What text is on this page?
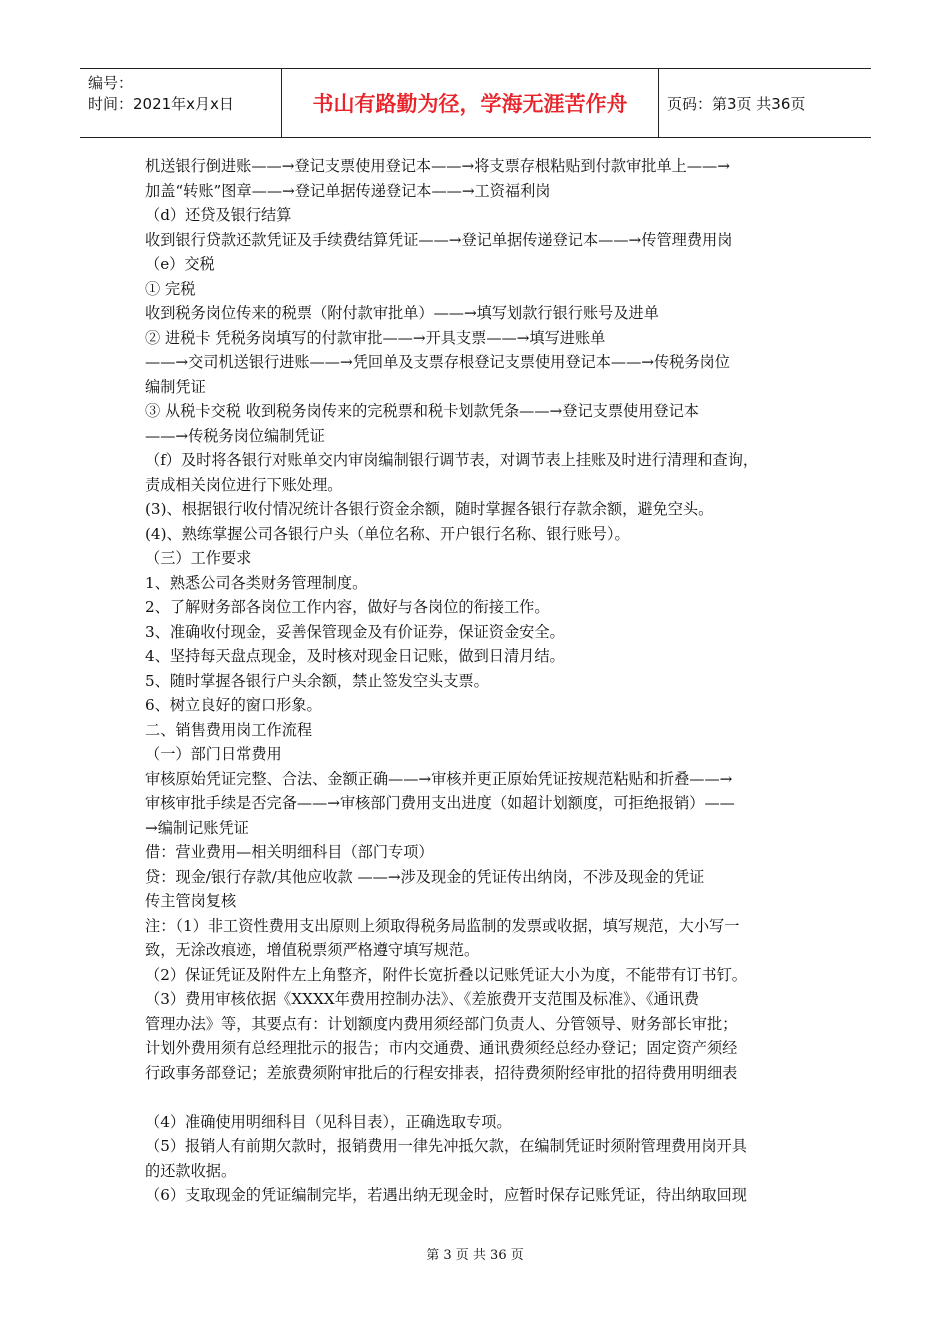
编号：
时间：2021年x月x日	书山有路勤为径，学海无涯苦作舟	页码：第3页 共36页

机送银行倒进账——→登记支票使用登记本——→将支票存根粘贴到付款审批单上——→

加盖“转账”图章——→登记单据传递登记本——→工资福利岗

（d）还贷及银行结算

收到银行贷款还款凭证及手续费结算凭证——→登记单据传递登记本——→传管理费用岗

（e）交税

① 完税

收到税务岗位传来的税票（附付款审批单）——→填写划款行银行账号及进单

② 进税卡 凭税务岗填写的付款审批——→开具支票——→填写进账单

——→交司机送银行进账——→凭回单及支票存根登记支票使用登记本——→传税务岗位

编制凭证

③ 从税卡交税 收到税务岗传来的完税票和税卡划款凭条——→登记支票使用登记本

——→传税务岗位编制凭证

（f）及时将各银行对账单交内审岗编制银行调节表，对调节表上挂账及时进行清理和查询，

责成相关岗位进行下账处理。

(3)、根据银行收付情况统计各银行资金余额，随时掌握各银行存款余额，避免空头。

(4)、熟练掌握公司各银行户头（单位名称、开户银行名称、银行账号）。

（三）工作要求

1、熟悉公司各类财务管理制度。

2、了解财务部各岗位工作内容，做好与各岗位的衔接工作。

3、准确收付现金，妥善保管现金及有价证券，保证资金安全。

4、坚持每天盘点现金，及时核对现金日记账，做到日清月结。

5、随时掌握各银行户头余额，禁止签发空头支票。

6、树立良好的窗口形象。

二、销售费用岗工作流程

（一）部门日常费用

审核原始凭证完整、合法、金额正确——→审核并更正原始凭证按规范粘贴和折叠——→

审核审批手续是否完备——→审核部门费用支出进度（如超计划额度，可拒绝报销）——

→编制记账凭证

借：营业费用—相关明细科目（部门专项）

贷：现金/银行存款/其他应收款 ——→涉及现金的凭证传出纳岗，不涉及现金的凭证

传主管岗复核

注：（1）非工资性费用支出原则上须取得税务局监制的发票或收据，填写规范，大小写一

致，无涂改痕迹，增值税票须严格遵守填写规范。

（2）保证凭证及附件左上角整齐，附件长宽折叠以记账凭证大小为度，不能带有订书钉。

（3）费用审核依据《XXXX年费用控制办法》、《差旅费开支范围及标准》、《通讯费

管理办法》等，其要点有：计划额度内费用须经部门负责人、分管领导、财务部长审批；

计划外费用须有总经理批示的报告；市内交通费、通讯费须经总经办登记；固定资产须经

行政事务部登记；差旅费须附审批后的行程安排表，招待费须附经审批的招待费用明细表

（4）准确使用明细科目（见科目表），正确选取专项。

（5）报销人有前期欠款时，报销费用一律先冲抵欠款，在编制凭证时须附管理费用岗开具

的还款收据。

（6）支取现金的凭证编制完毕，若遇出纳无现金时，应暂时保存记账凭证，待出纳取回现

第 3 页 共 36 页
